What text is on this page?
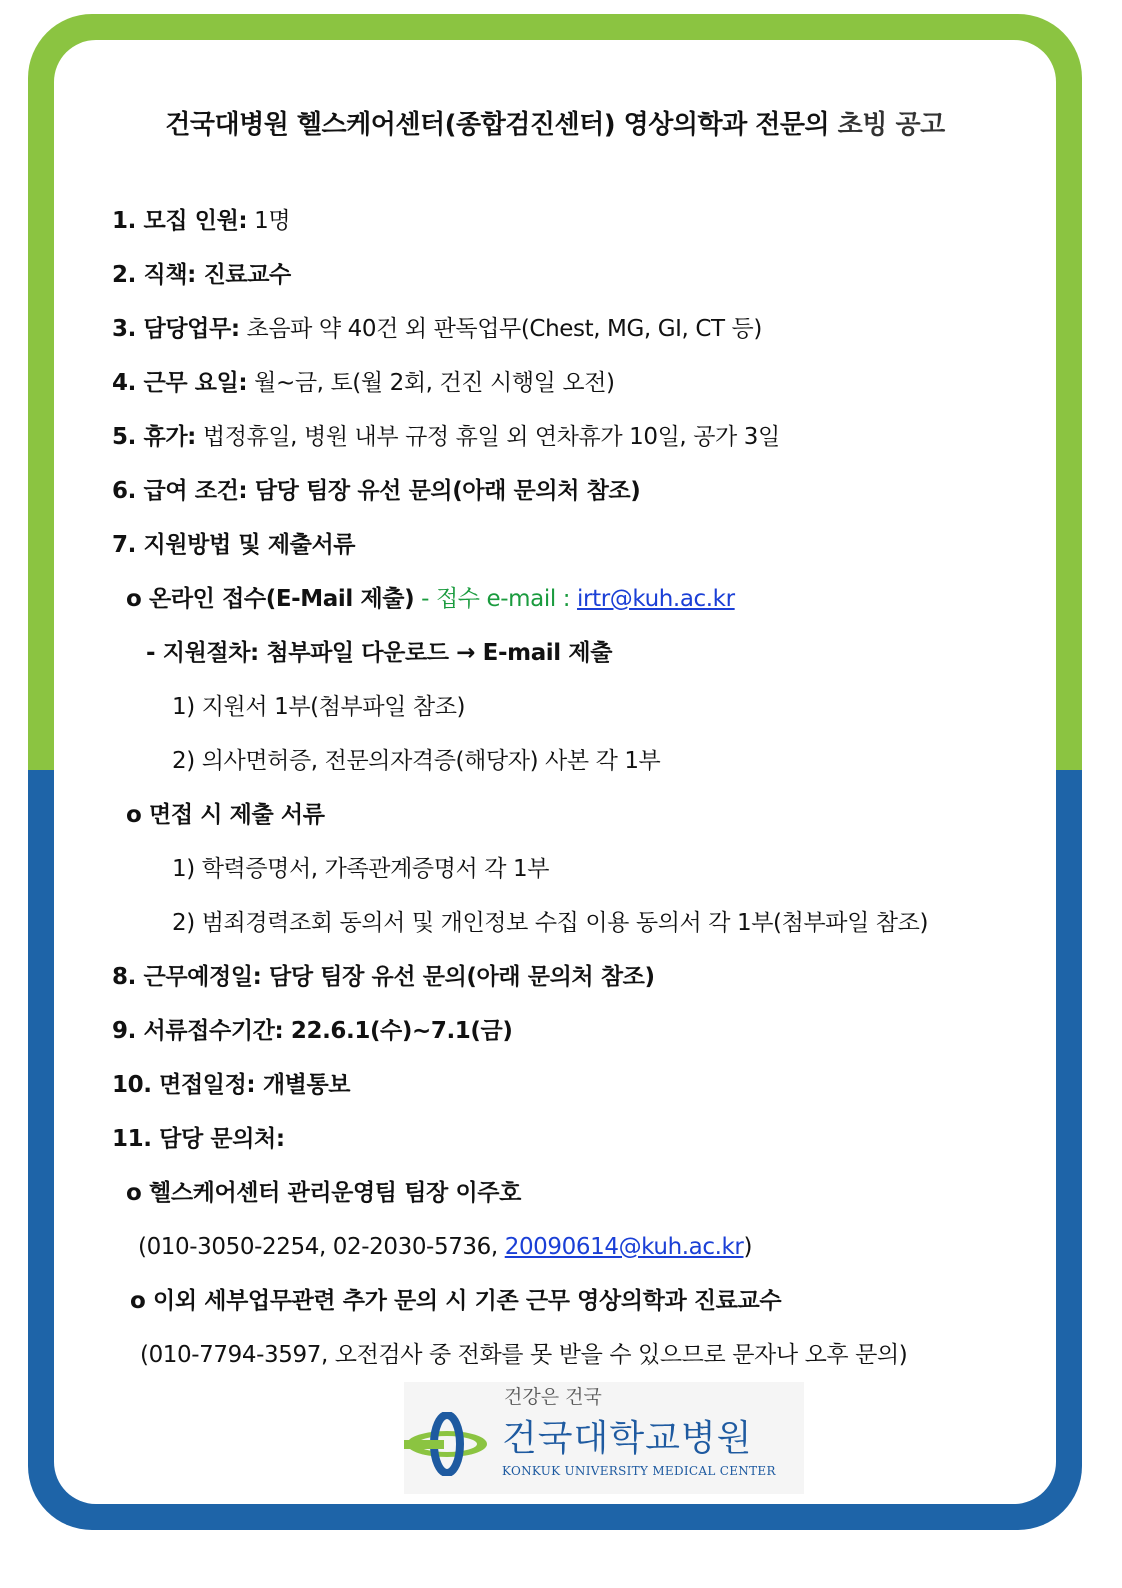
건국대병원 헬스케어센터(종합검진센터) 영상의학과 전문의 초빙 공고
1. 모집 인원: 1명
2. 직책: 진료교수
3. 담당업무: 초음파 약 40건 외 판독업무(Chest, MG, GI, CT 등)
4. 근무 요일: 월~금, 토(월 2회, 건진 시행일 오전)
5. 휴가: 법정휴일, 병원 내부 규정 휴일 외 연차휴가 10일, 공가 3일
6. 급여 조건: 담당 팀장 유선 문의(아래 문의처 참조)
7. 지원방법 및 제출서류
o 온라인 접수(E-Mail 제출) - 접수 e-mail : irtr@kuh.ac.kr
- 지원절차: 첨부파일 다운로드 → E-mail 제출
1) 지원서 1부(첨부파일 참조)
2) 의사면허증, 전문의자격증(해당자) 사본 각 1부
o 면접 시 제출 서류
1) 학력증명서, 가족관계증명서 각 1부
2) 범죄경력조회 동의서 및 개인정보 수집 이용 동의서 각 1부(첨부파일 참조)
8. 근무예정일: 담당 팀장 유선 문의(아래 문의처 참조)
9. 서류접수기간: 22.6.1(수)~7.1(금)
10. 면접일정: 개별통보
11. 담당 문의처:
o 헬스케어센터 관리운영팀 팀장 이주호
(010-3050-2254, 02-2030-5736, 20090614@kuh.ac.kr)
o 이외 세부업무관련 추가 문의 시 기존 근무 영상의학과 진료교수
(010-7794-3597, 오전검사 중 전화를 못 받을 수 있으므로 문자나 오후 문의)
건강은 건국
건국대학교병원
KONKUK UNIVERSITY MEDICAL CENTER
